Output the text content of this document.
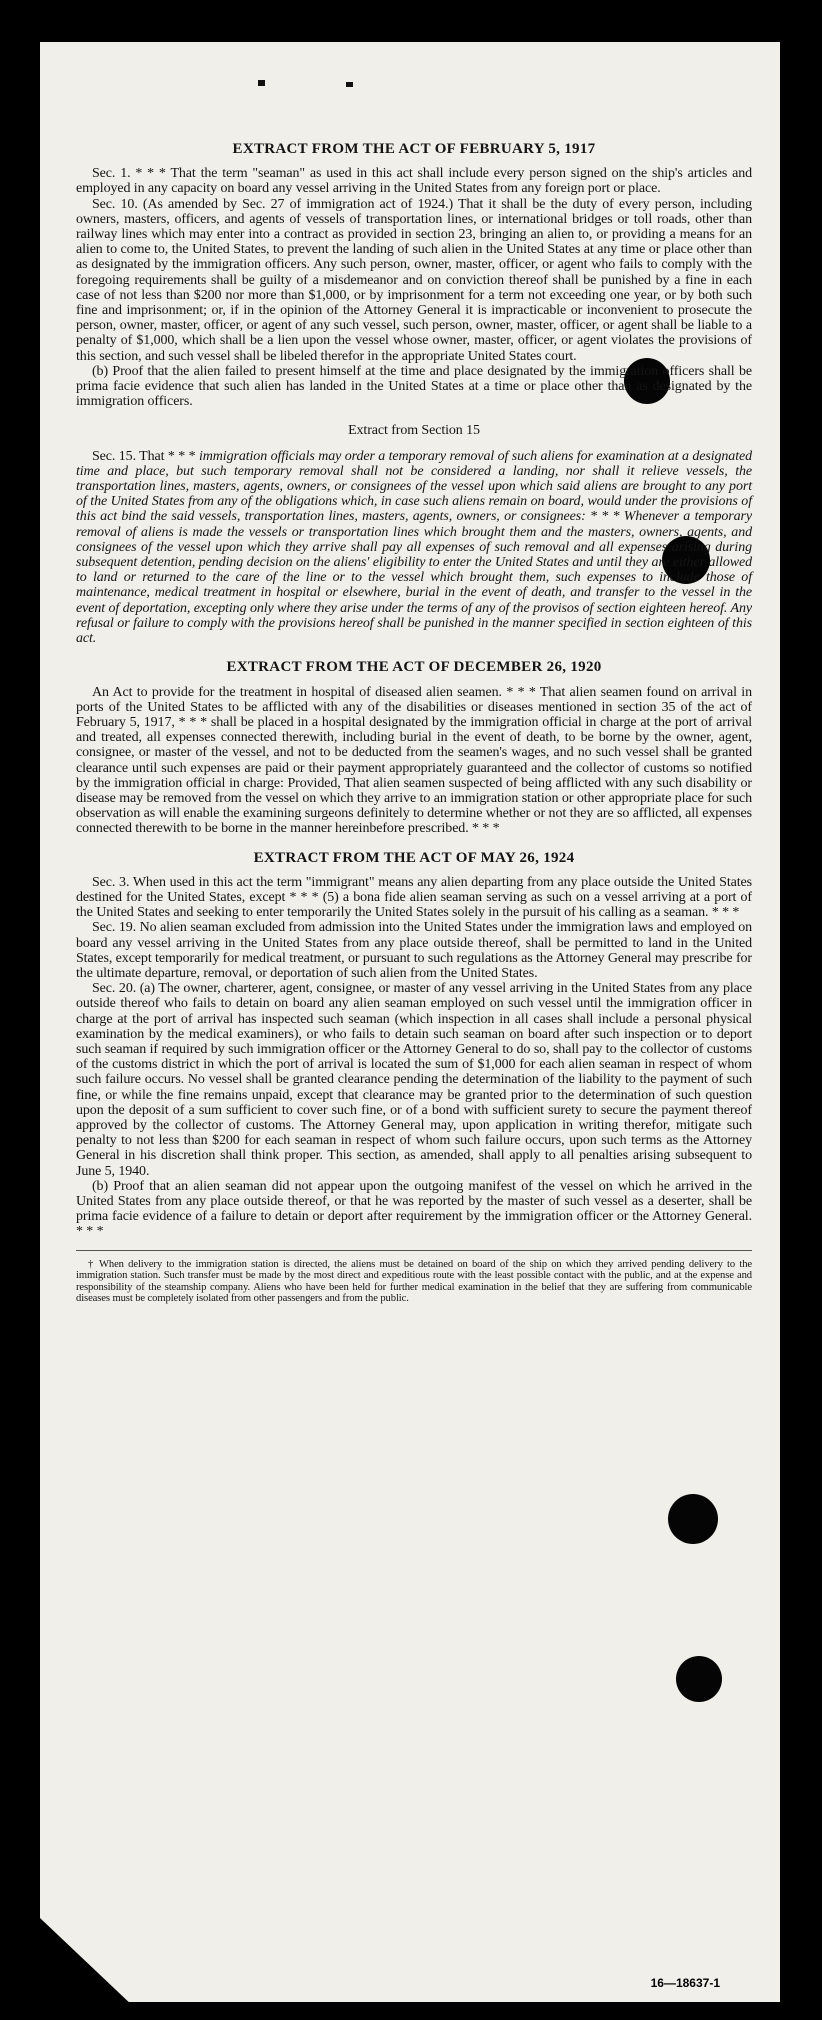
EXTRACT FROM THE ACT OF FEBRUARY 5, 1917

Sec. 1. * * * That the term "seaman" as used in this act shall include every person signed on the ship's articles and employed in any capacity on board any vessel arriving in the United States from any foreign port or place.

Sec. 10. (As amended by Sec. 27 of immigration act of 1924.) That it shall be the duty of every person, including owners, masters, officers, and agents of vessels of transportation lines, or international bridges or toll roads, other than railway lines which may enter into a contract as provided in section 23, bringing an alien to, or providing a means for an alien to come to, the United States, to prevent the landing of such alien in the United States at any time or place other than as designated by the immigration officers. Any such person, owner, master, officer, or agent who fails to comply with the foregoing requirements shall be guilty of a misdemeanor and on conviction thereof shall be punished by a fine in each case of not less than $200 nor more than $1,000, or by imprisonment for a term not exceeding one year, or by both such fine and imprisonment; or, if in the opinion of the Attorney General it is impracticable or inconvenient to prosecute the person, owner, master, officer, or agent of any such vessel, such person, owner, master, officer, or agent shall be liable to a penalty of $1,000, which shall be a lien upon the vessel whose owner, master, officer, or agent violates the provisions of this section, and such vessel shall be libeled therefor in the appropriate United States court.

(b) Proof that the alien failed to present himself at the time and place designated by the immigration officers shall be prima facie evidence that such alien has landed in the United States at a time or place other than as designated by the immigration officers.

Extract from Section 15

Sec. 15. That * * * immigration officials may order a temporary removal of such aliens for examination at a designated time and place, but such temporary removal shall not be considered a landing, nor shall it relieve vessels, the transportation lines, masters, agents, owners, or consignees of the vessel upon which said aliens are brought to any port of the United States from any of the obligations which, in case such aliens remain on board, would under the provisions of this act bind the said vessels, transportation lines, masters, agents, owners, or consignees: * * * Whenever a temporary removal of aliens is made the vessels or transportation lines which brought them and the masters, owners, agents, and consignees of the vessel upon which they arrive shall pay all expenses of such removal and all expenses arising during subsequent detention, pending decision on the aliens' eligibility to enter the United States and until they are either allowed to land or returned to the care of the line or to the vessel which brought them, such expenses to include those of maintenance, medical treatment in hospital or elsewhere, burial in the event of death, and transfer to the vessel in the event of deportation, excepting only where they arise under the terms of any of the provisos of section eighteen hereof. Any refusal or failure to comply with the provisions hereof shall be punished in the manner specified in section eighteen of this act.

EXTRACT FROM THE ACT OF DECEMBER 26, 1920

An Act to provide for the treatment in hospital of diseased alien seamen. * * * That alien seamen found on arrival in ports of the United States to be afflicted with any of the disabilities or diseases mentioned in section 35 of the act of February 5, 1917, * * * shall be placed in a hospital designated by the immigration official in charge at the port of arrival and treated, all expenses connected therewith, including burial in the event of death, to be borne by the owner, agent, consignee, or master of the vessel, and not to be deducted from the seamen's wages, and no such vessel shall be granted clearance until such expenses are paid or their payment appropriately guaranteed and the collector of customs so notified by the immigration official in charge: Provided, That alien seamen suspected of being afflicted with any such disability or disease may be removed from the vessel on which they arrive to an immigration station or other appropriate place for such observation as will enable the examining surgeons definitely to determine whether or not they are so afflicted, all expenses connected therewith to be borne in the manner hereinbefore prescribed. * * *

EXTRACT FROM THE ACT OF MAY 26, 1924

Sec. 3. When used in this act the term "immigrant" means any alien departing from any place outside the United States destined for the United States, except * * * (5) a bona fide alien seaman serving as such on a vessel arriving at a port of the United States and seeking to enter temporarily the United States solely in the pursuit of his calling as a seaman. * * *

Sec. 19. No alien seaman excluded from admission into the United States under the immigration laws and employed on board any vessel arriving in the United States from any place outside thereof, shall be permitted to land in the United States, except temporarily for medical treatment, or pursuant to such regulations as the Attorney General may prescribe for the ultimate departure, removal, or deportation of such alien from the United States.

Sec. 20. (a) The owner, charterer, agent, consignee, or master of any vessel arriving in the United States from any place outside thereof who fails to detain on board any alien seaman employed on such vessel until the immigration officer in charge at the port of arrival has inspected such seaman (which inspection in all cases shall include a personal physical examination by the medical examiners), or who fails to detain such seaman on board after such inspection or to deport such seaman if required by such immigration officer or the Attorney General to do so, shall pay to the collector of customs of the customs district in which the port of arrival is located the sum of $1,000 for each alien seaman in respect of whom such failure occurs. No vessel shall be granted clearance pending the determination of the liability to the payment of such fine, or while the fine remains unpaid, except that clearance may be granted prior to the determination of such question upon the deposit of a sum sufficient to cover such fine, or of a bond with sufficient surety to secure the payment thereof approved by the collector of customs. The Attorney General may, upon application in writing therefor, mitigate such penalty to not less than $200 for each seaman in respect of whom such failure occurs, upon such terms as the Attorney General in his discretion shall think proper. This section, as amended, shall apply to all penalties arising subsequent to June 5, 1940.

(b) Proof that an alien seaman did not appear upon the outgoing manifest of the vessel on which he arrived in the United States from any place outside thereof, or that he was reported by the master of such vessel as a deserter, shall be prima facie evidence of a failure to detain or deport after requirement by the immigration officer or the Attorney General. * * *

† When delivery to the immigration station is directed, the aliens must be detained on board of the ship on which they arrived pending delivery to the immigration station. Such transfer must be made by the most direct and expeditious route with the least possible contact with the public, and at the expense and responsibility of the steamship company. Aliens who have been held for further medical examination in the belief that they are suffering from communicable diseases must be completely isolated from other passengers and from the public.

16—18637-1
